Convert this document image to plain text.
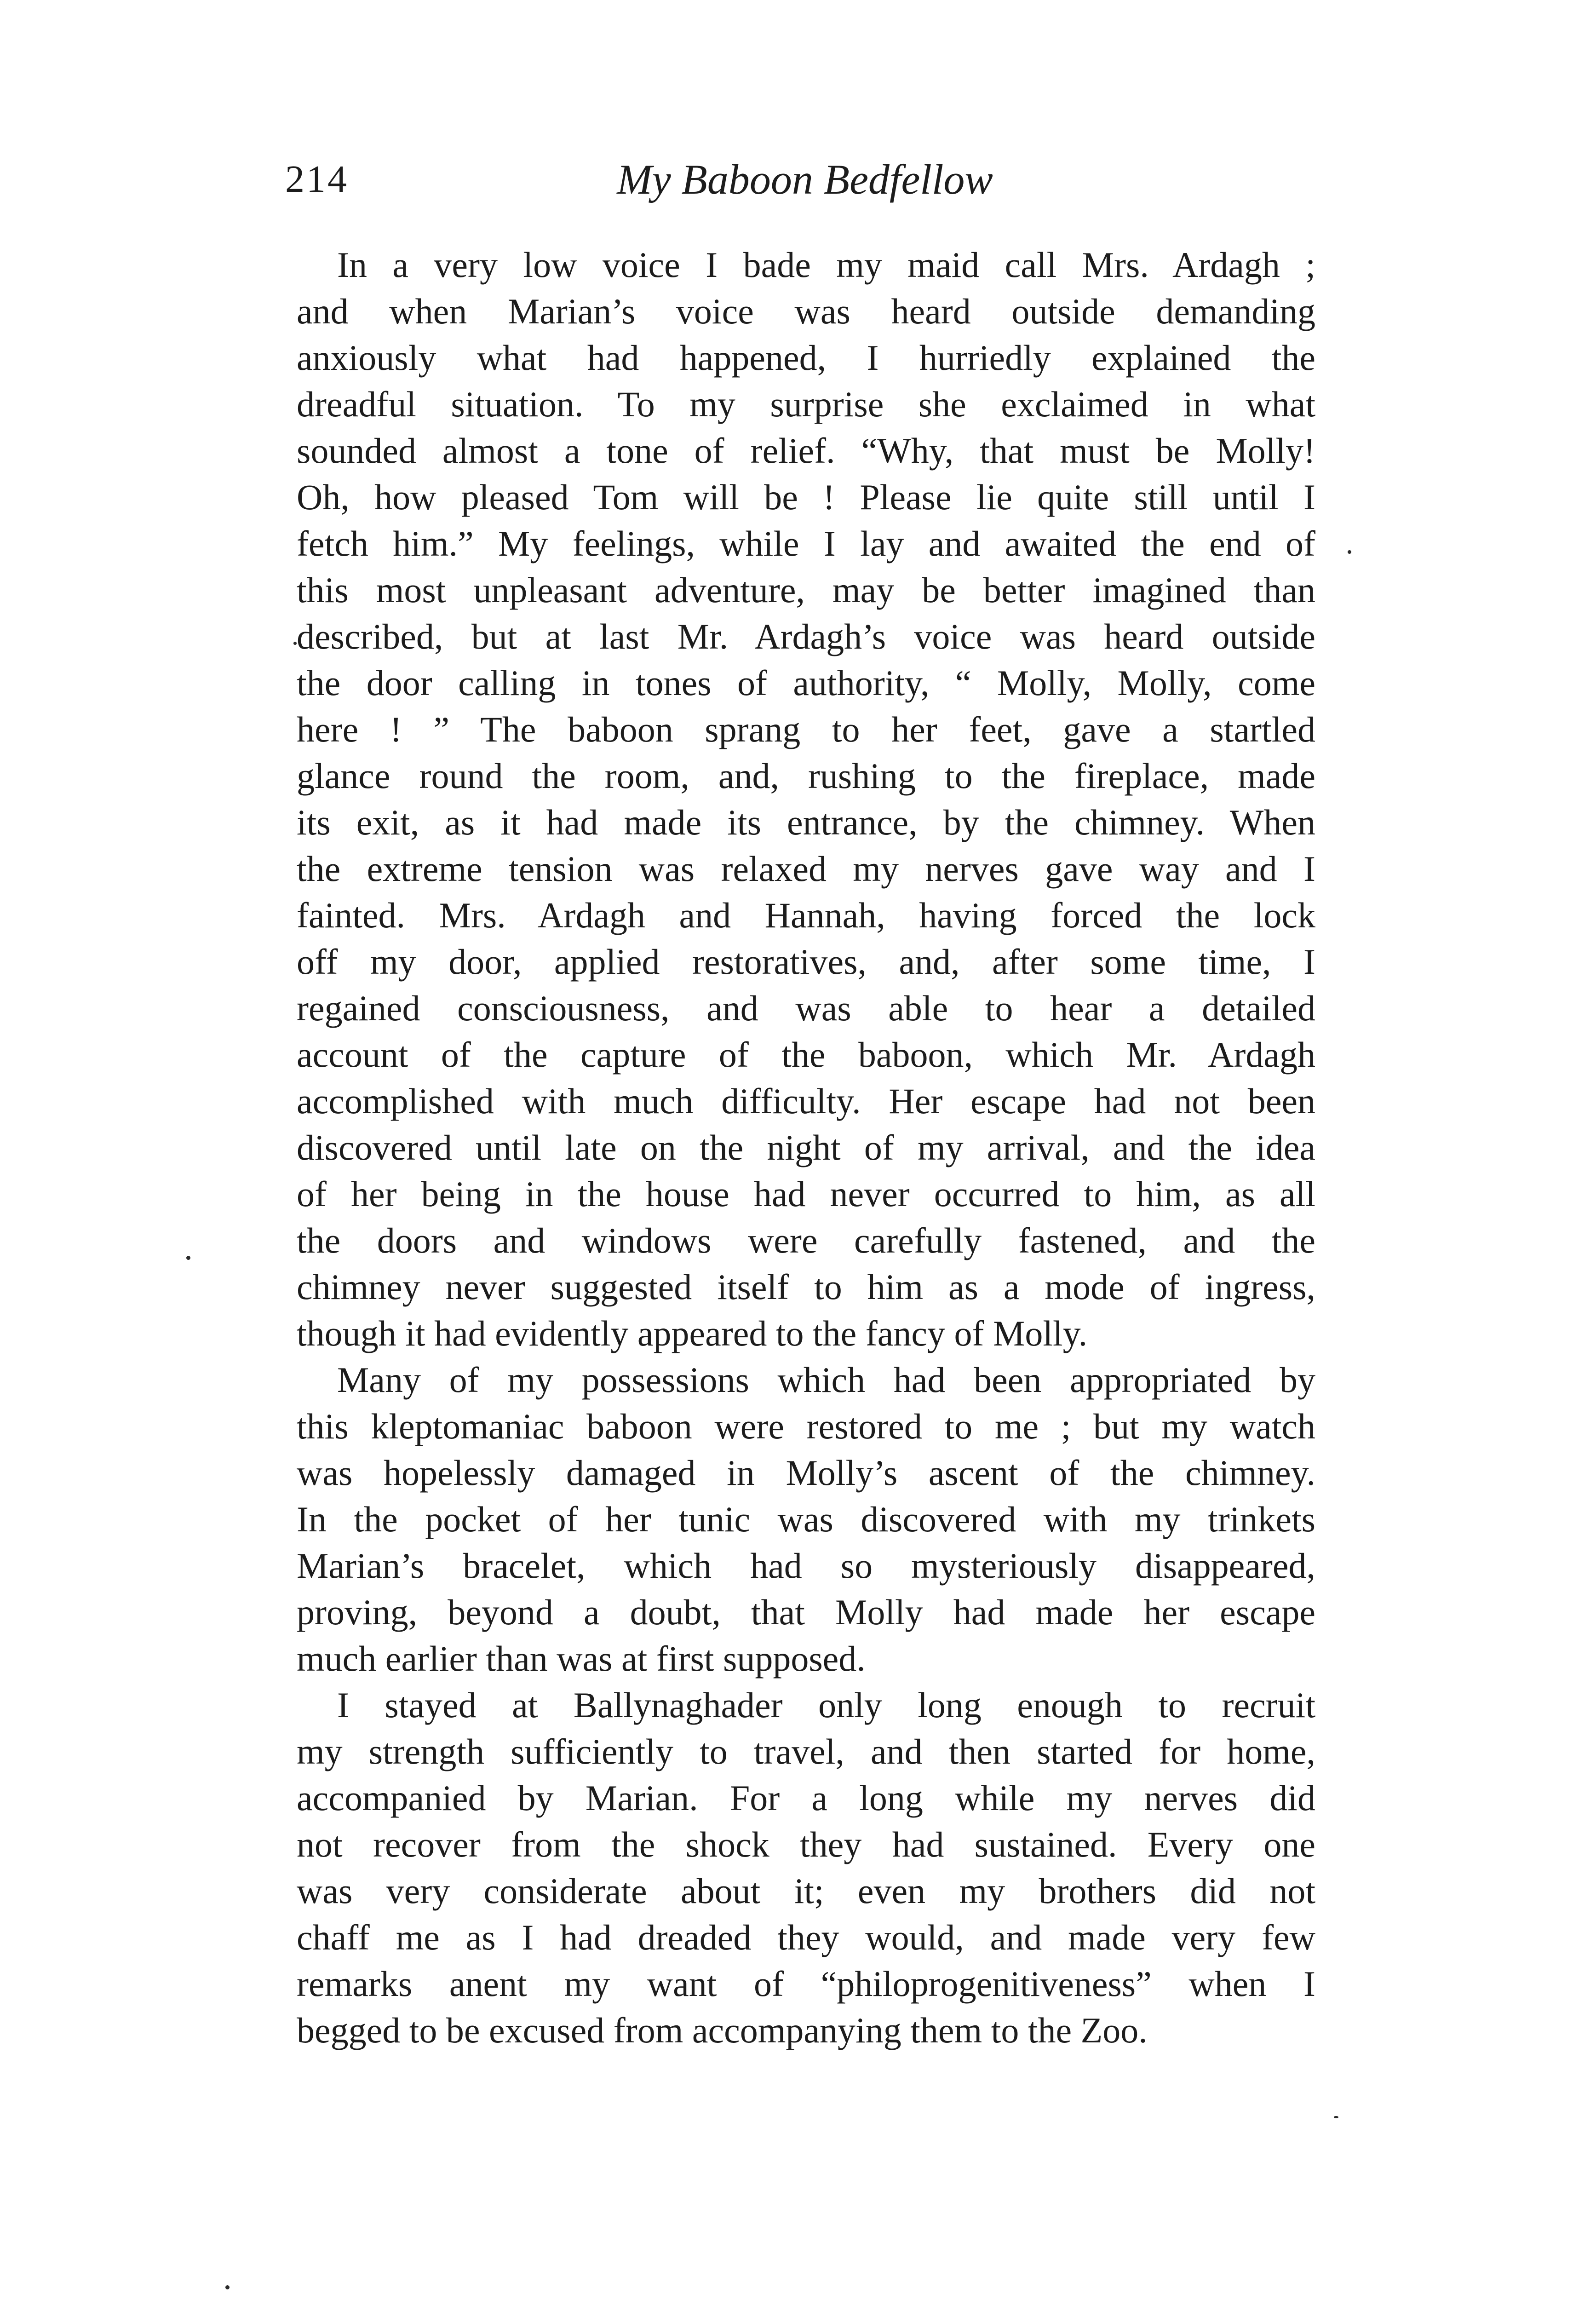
214	My Baboon Bedfellow
In a very low voice I bade my maid call Mrs. Ardagh ;
and when Marian’s voice was heard outside demanding
anxiously what had happened, I hurriedly explained the
dreadful situation. To my surprise she exclaimed in what
sounded almost a tone of relief. “Why, that must be Molly!
Oh, how pleased Tom will be ! Please lie quite still until I
fetch him.” My feelings, while I lay and awaited the end of
this most unpleasant adventure, may be better imagined than
described, but at last Mr. Ardagh’s voice was heard outside
the door calling in tones of authority, “ Molly, Molly, come
here ! ” The baboon sprang to her feet, gave a startled
glance round the room, and, rushing to the fireplace, made
its exit, as it had made its entrance, by the chimney. When
the extreme tension was relaxed my nerves gave way and I
fainted. Mrs. Ardagh and Hannah, having forced the lock
off my door, applied restoratives, and, after some time, I
regained consciousness, and was able to hear a detailed
account of the capture of the baboon, which Mr. Ardagh
accomplished with much difficulty. Her escape had not been
discovered until late on the night of my arrival, and the idea
of her being in the house had never occurred to him, as all
the doors and windows were carefully fastened, and the
chimney never suggested itself to him as a mode of ingress,
though it had evidently appeared to the fancy of Molly.
Many of my possessions which had been appropriated by
this kleptomaniac baboon were restored to me ; but my watch
was hopelessly damaged in Molly’s ascent of the chimney.
In the pocket of her tunic was discovered with my trinkets
Marian’s bracelet, which had so mysteriously disappeared,
proving, beyond a doubt, that Molly had made her escape
much earlier than was at first supposed.
I stayed at Ballynaghader only long enough to recruit
my strength sufficiently to travel, and then started for home,
accompanied by Marian. For a long while my nerves did
not recover from the shock they had sustained. Every one
was very considerate about it; even my brothers did not
chaff me as I had dreaded they would, and made very few
remarks anent my want of “philoprogenitiveness” when I
begged to be excused from accompanying them to the Zoo.
